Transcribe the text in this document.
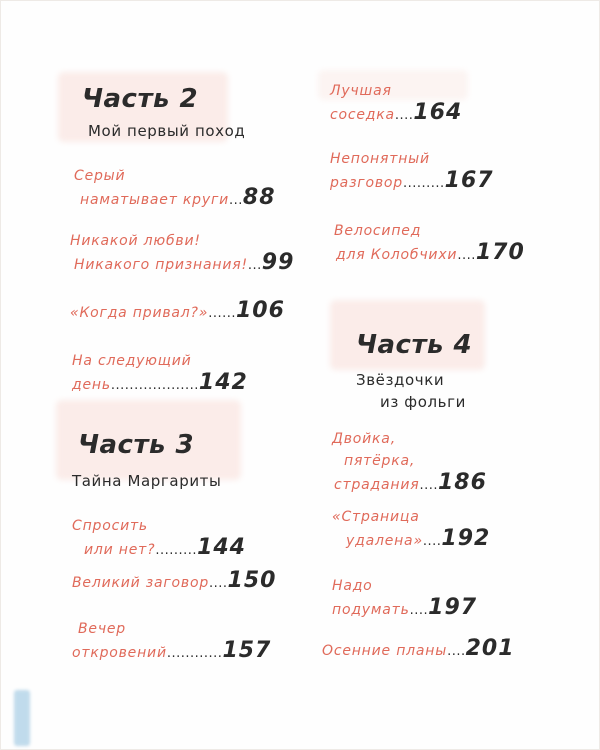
Часть 2
Мой первый поход
Серый
наматывает круги...88
Никакой любви!
Никакого признания!...99
«Когда привал?»......106
На следующий
день...................142
Часть 3
Тайна Маргариты
Спросить
или нет?.........144
Великий заговор....150
Вечер
откровений............157
Лучшая
соседка....164
Непонятный
разговор.........167
Велосипед
для Колобчихи....170
Часть 4
Звёздочки
из фольги
Двойка,
пятёрка,
страдания....186
«Страница
удалена»....192
Надо
подумать....197
Осенние планы....201
